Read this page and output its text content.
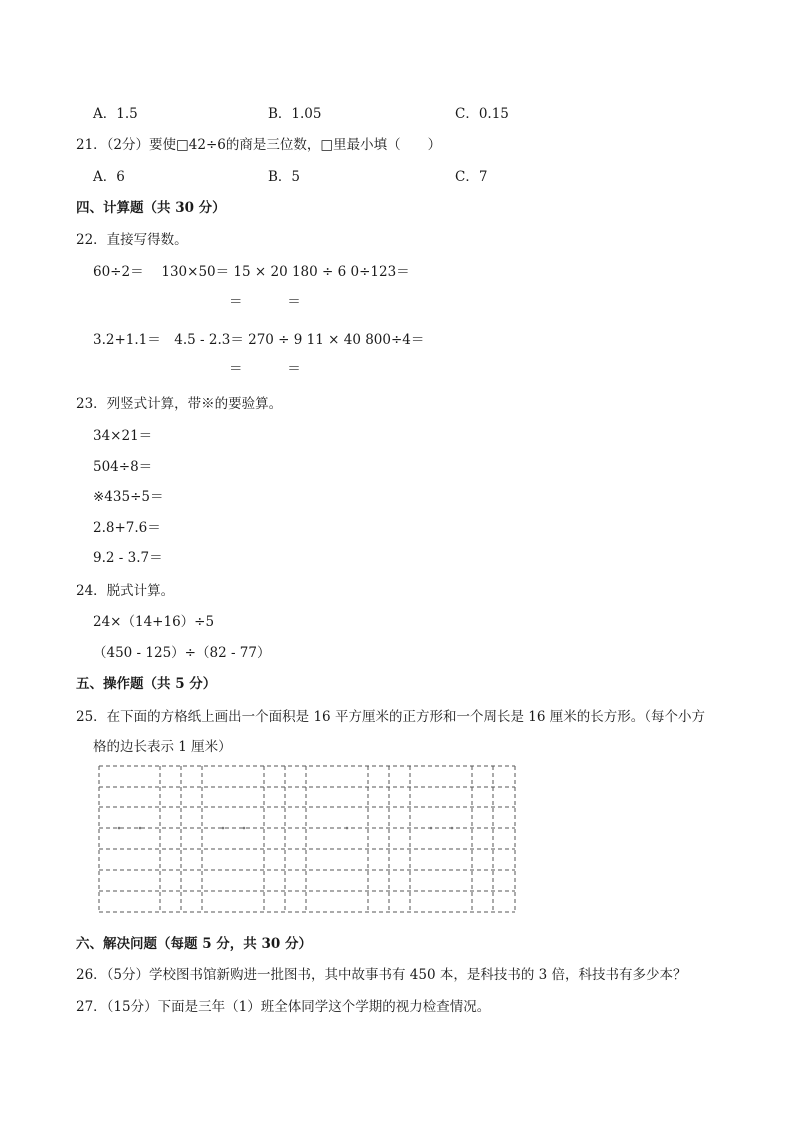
A．1.5	B．1.05	C．0.15
21．（2分）要使□42÷6的商是三位数，□里最小填（　　）
A．6	B．5	C．7
四、计算题（共 30 分）
22．直接写得数。
60÷2＝　 130×50＝ 15 × 20 180 ÷ 6 0÷123＝
＝　　　 ＝
3.2+1.1＝　4.5 - 2.3＝ 270 ÷ 9 11 × 40 800÷4＝
＝　　　 ＝
23．列竖式计算，带※的要验算。
34×21＝
504÷8＝
※435÷5＝
2.8+7.6＝
9.2 - 3.7＝
24．脱式计算。
24×（14+16）÷5
（450 - 125）÷（82 - 77）
五、操作题（共 5 分）
25．在下面的方格纸上画出一个面积是 16 平方厘米的正方形和一个周长是 16 厘米的长方形。（每个小方
格的边长表示 1 厘米）
六、解决问题（每题 5 分，共 30 分）
26．（5分）学校图书馆新购进一批图书，其中故事书有 450 本，是科技书的 3 倍，科技书有多少本？
27．（15分）下面是三年（1）班全体同学这个学期的视力检查情况。
